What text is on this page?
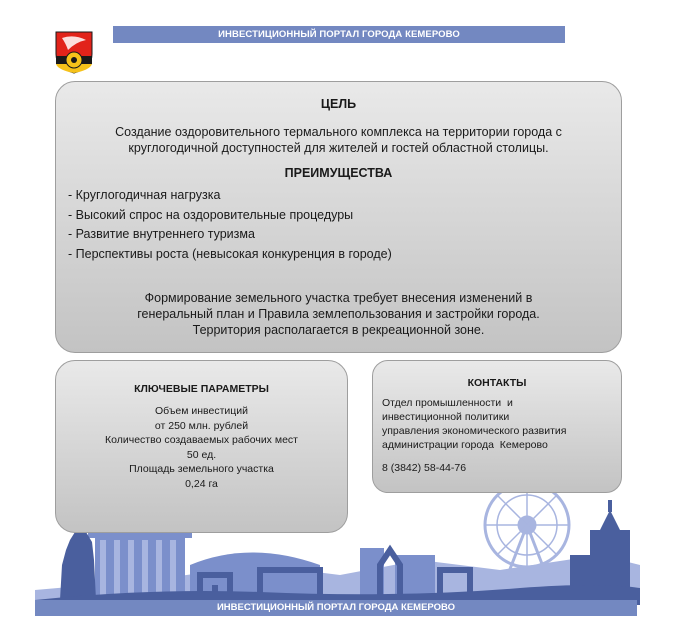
ИНВЕСТИЦИОННЫЙ ПОРТАЛ ГОРОДА КЕМЕРОВО
ЦЕЛЬ
Создание оздоровительного термального комплекса на территории города с
круглогодичной доступностей для жителей и гостей областной столицы.
ПРЕИМУЩЕСТВА
- Круглогодичная нагрузка
- Высокий спрос на оздоровительные процедуры
- Развитие внутреннего туризма
- Перспективы роста (невысокая конкуренция в городе)
Формирование земельного участка требует внесения изменений в
генеральный план и Правила землепользования и застройки города.
Территория располагается в рекреационной зоне.
КЛЮЧЕВЫЕ ПАРАМЕТРЫ
Объем инвестиций
от 250 млн. рублей
Количество создаваемых рабочих мест
50 ед.
Площадь земельного участка
0,24 га
КОНТАКТЫ
Отдел промышленности  и
инвестиционной политики
управления экономического развития
администрации города  Кемерово
8 (3842) 58-44-76
ИНВЕСТИЦИОННЫЙ ПОРТАЛ ГОРОДА КЕМЕРОВО
